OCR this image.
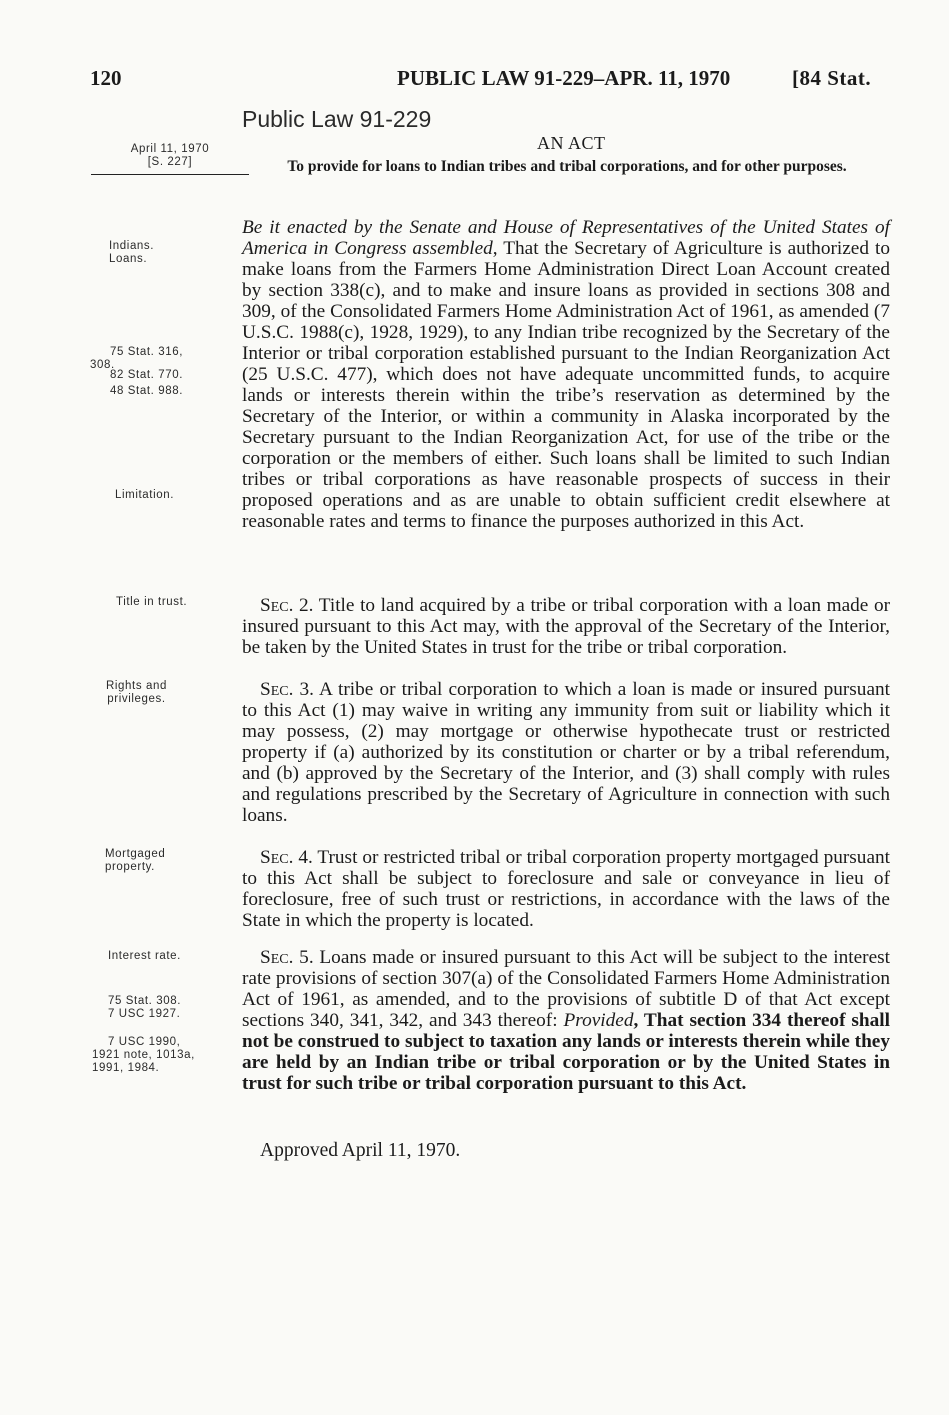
120	PUBLIC LAW 91-229–APR. 11, 1970	[84 Stat.
Public Law 91-229
April 11, 1970
[S. 227]
AN ACT
To provide for loans to Indian tribes and tribal corporations, and for other purposes.
Indians.
Loans.
75 Stat. 316,
308.
82 Stat. 770.
48 Stat. 988.
Limitation.
Title in trust.
Rights and
privileges.
Mortgaged
property.
Interest rate.
75 Stat. 308.
7 USC 1927.
7 USC 1990,
1921 note, 1013a,
1991, 1984.

Be it enacted by the Senate and House of Representatives of the United States of America in Congress assembled, That the Secretary of Agriculture is authorized to make loans from the Farmers Home Administration Direct Loan Account created by section 338(c), and to make and insure loans as provided in sections 308 and 309, of the Consolidated Farmers Home Administration Act of 1961, as amended (7 U.S.C. 1988(c), 1928, 1929), to any Indian tribe recognized by the Secretary of the Interior or tribal corporation established pursuant to the Indian Reorganization Act (25 U.S.C. 477), which does not have adequate uncommitted funds, to acquire lands or interests therein within the tribe’s reservation as determined by the Secretary of the Interior, or within a community in Alaska incorporated by the Secretary pursuant to the Indian Reorganization Act, for use of the tribe or the corporation or the members of either. Such loans shall be limited to such Indian tribes or tribal corporations as have reasonable prospects of success in their proposed operations and as are unable to obtain sufficient credit elsewhere at reasonable rates and terms to finance the purposes authorized in this Act.

Sec. 2. Title to land acquired by a tribe or tribal corporation with a loan made or insured pursuant to this Act may, with the approval of the Secretary of the Interior, be taken by the United States in trust for the tribe or tribal corporation.

Sec. 3. A tribe or tribal corporation to which a loan is made or insured pursuant to this Act (1) may waive in writing any immunity from suit or liability which it may possess, (2) may mortgage or otherwise hypothecate trust or restricted property if (a) authorized by its constitution or charter or by a tribal referendum, and (b) approved by the Secretary of the Interior, and (3) shall comply with rules and regulations prescribed by the Secretary of Agriculture in connection with such loans.

Sec. 4. Trust or restricted tribal or tribal corporation property mortgaged pursuant to this Act shall be subject to foreclosure and sale or conveyance in lieu of foreclosure, free of such trust or restrictions, in accordance with the laws of the State in which the property is located.

Sec. 5. Loans made or insured pursuant to this Act will be subject to the interest rate provisions of section 307(a) of the Consolidated Farmers Home Administration Act of 1961, as amended, and to the provisions of subtitle D of that Act except sections 340, 341, 342, and 343 thereof: Provided, That section 334 thereof shall not be construed to subject to taxation any lands or interests therein while they are held by an Indian tribe or tribal corporation or by the United States in trust for such tribe or tribal corporation pursuant to this Act.

Approved April 11, 1970.
